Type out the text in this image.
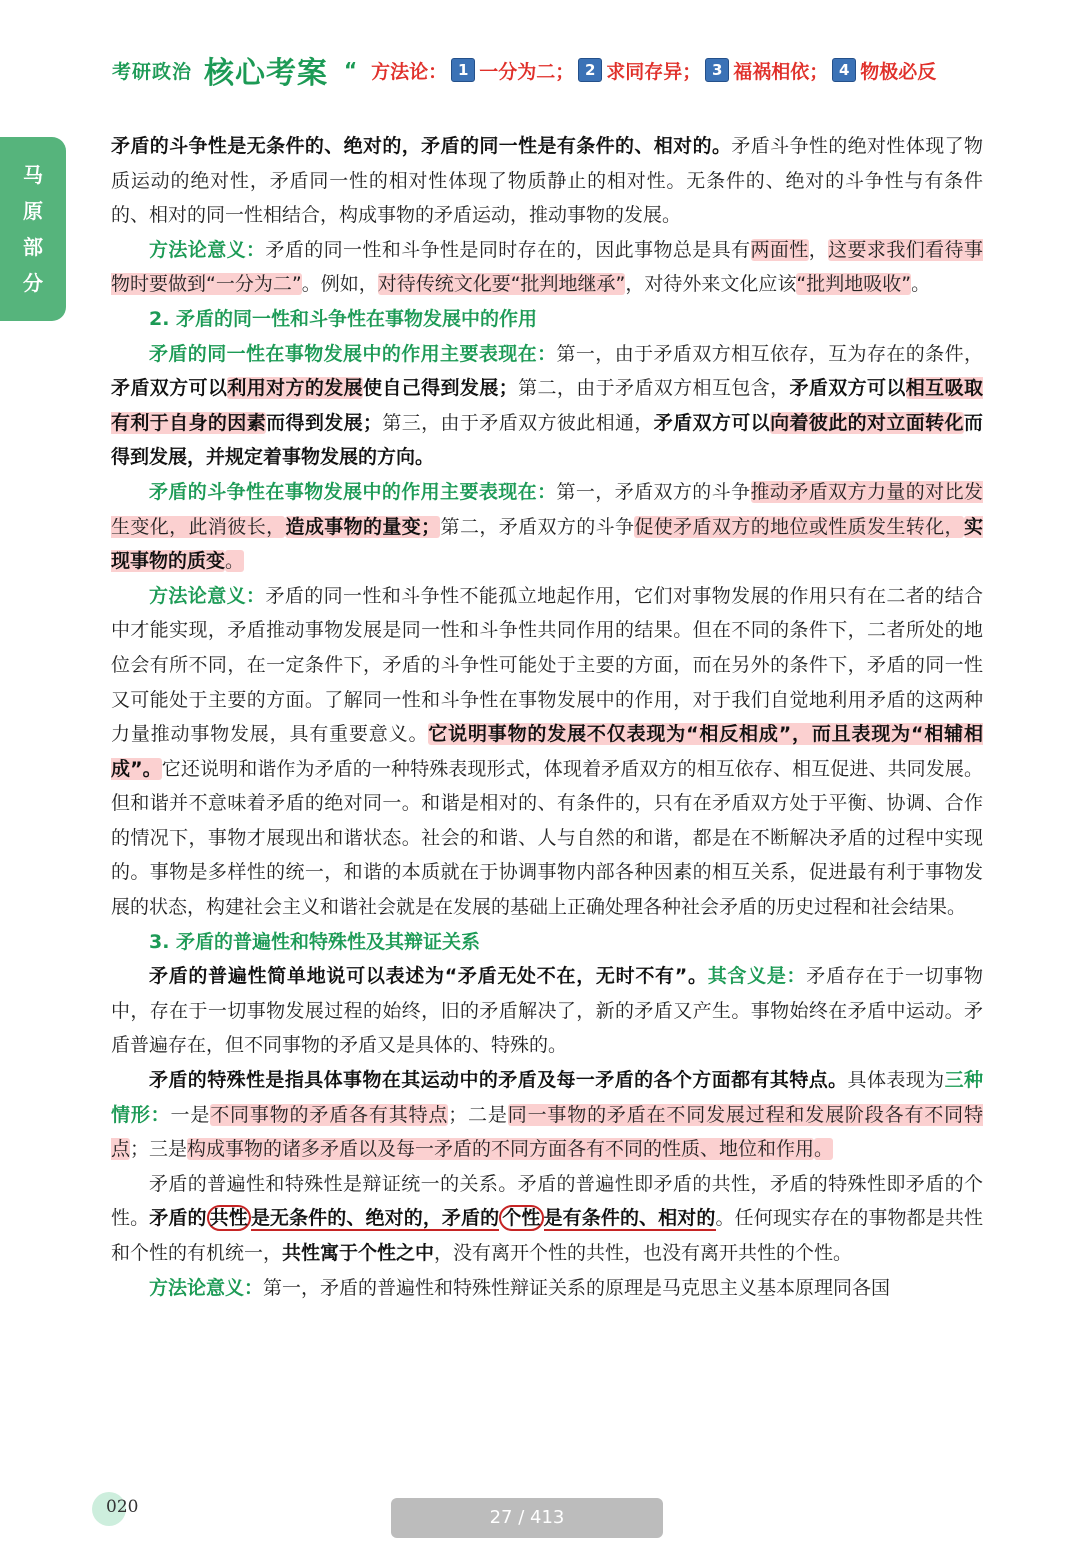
考研政治 核心考案 “ 方法论： 1 一分为二； 2 求同存异； 3 福祸相依； 4 物极必反
马
原
部
分

矛盾的斗争性是无条件的、绝对的，矛盾的同一性是有条件的、相对的。矛盾斗争性的绝对性体现了物质运动的绝对性，矛盾同一性的相对性体现了物质静止的相对性。无条件的、绝对的斗争性与有条件的、相对的同一性相结合，构成事物的矛盾运动，推动事物的发展。

方法论意义：矛盾的同一性和斗争性是同时存在的，因此事物总是具有两面性，这要求我们看待事物时要做到“一分为二”。例如，对待传统文化要“批判地继承”，对待外来文化应该“批判地吸收”。

2. 矛盾的同一性和斗争性在事物发展中的作用

矛盾的同一性在事物发展中的作用主要表现在：第一，由于矛盾双方相互依存，互为存在的条件，矛盾双方可以利用对方的发展使自己得到发展；第二，由于矛盾双方相互包含，矛盾双方可以相互吸取有利于自身的因素而得到发展；第三，由于矛盾双方彼此相通，矛盾双方可以向着彼此的对立面转化而得到发展，并规定着事物发展的方向。

矛盾的斗争性在事物发展中的作用主要表现在：第一，矛盾双方的斗争推动矛盾双方力量的对比发生变化，此消彼长，造成事物的量变；第二，矛盾双方的斗争促使矛盾双方的地位或性质发生转化，实现事物的质变。

方法论意义：矛盾的同一性和斗争性不能孤立地起作用，它们对事物发展的作用只有在二者的结合中才能实现，矛盾推动事物发展是同一性和斗争性共同作用的结果。但在不同的条件下，二者所处的地位会有所不同，在一定条件下，矛盾的斗争性可能处于主要的方面，而在另外的条件下，矛盾的同一性又可能处于主要的方面。了解同一性和斗争性在事物发展中的作用，对于我们自觉地利用矛盾的这两种力量推动事物发展，具有重要意义。它说明事物的发展不仅表现为“相反相成”，而且表现为“相辅相成”。它还说明和谐作为矛盾的一种特殊表现形式，体现着矛盾双方的相互依存、相互促进、共同发展。但和谐并不意味着矛盾的绝对同一。和谐是相对的、有条件的，只有在矛盾双方处于平衡、协调、合作的情况下，事物才展现出和谐状态。社会的和谐、人与自然的和谐，都是在不断解决矛盾的过程中实现的。事物是多样性的统一，和谐的本质就在于协调事物内部各种因素的相互关系，促进最有利于事物发展的状态，构建社会主义和谐社会就是在发展的基础上正确处理各种社会矛盾的历史过程和社会结果。

3. 矛盾的普遍性和特殊性及其辩证关系

矛盾的普遍性简单地说可以表述为“矛盾无处不在，无时不有”。其含义是：矛盾存在于一切事物中，存在于一切事物发展过程的始终，旧的矛盾解决了，新的矛盾又产生。事物始终在矛盾中运动。矛盾普遍存在，但不同事物的矛盾又是具体的、特殊的。

矛盾的特殊性是指具体事物在其运动中的矛盾及每一矛盾的各个方面都有其特点。具体表现为三种情形：一是不同事物的矛盾各有其特点；二是同一事物的矛盾在不同发展过程和发展阶段各有不同特点；三是构成事物的诸多矛盾以及每一矛盾的不同方面各有不同的性质、地位和作用。

矛盾的普遍性和特殊性是辩证统一的关系。矛盾的普遍性即矛盾的共性，矛盾的特殊性即矛盾的个性。矛盾的 共性 是无条件的、绝对的，矛盾的 个性 是有条件的、相对的。任何现实存在的事物都是共性和个性的有机统一，共性寓于个性之中，没有离开个性的共性，也没有离开共性的个性。

方法论意义：第一，矛盾的普遍性和特殊性辩证关系的原理是马克思主义基本原理同各国

020	27 / 413
